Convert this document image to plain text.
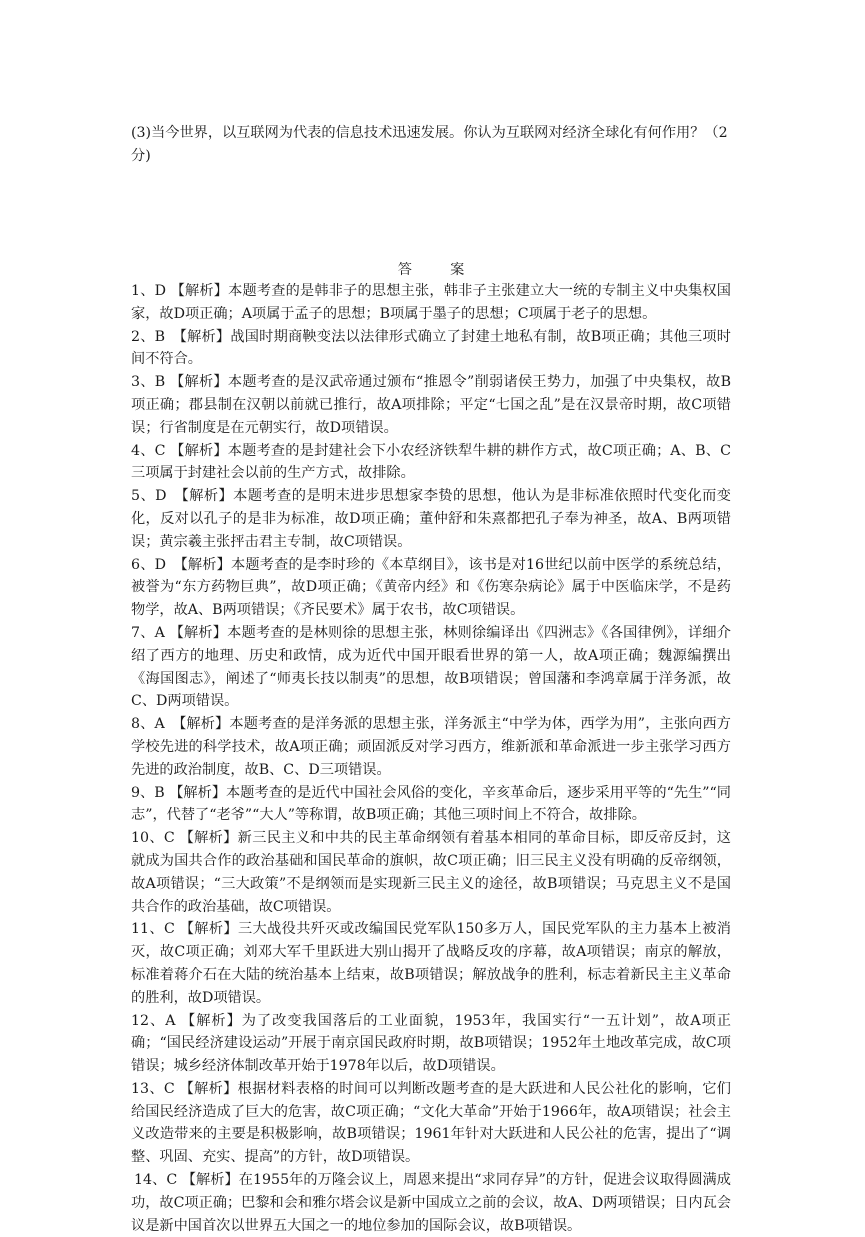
(3)当今世界，以互联网为代表的信息技术迅速发展。你认为互联网对经济全球化有何作用？（2 分)

答　案

1、D 【解析】本题考查的是韩非子的思想主张，韩非子主张建立大一统的专制主义中央集权国家，故D项正确；A项属于孟子的思想；B项属于墨子的思想；C项属于老子的思想。

2、B　【解析】战国时期商鞅变法以法律形式确立了封建土地私有制，故B项正确；其他三项时间不符合。

3、B 【解析】本题考查的是汉武帝通过颁布“推恩令”削弱诸侯王势力，加强了中央集权，故B项正确；郡县制在汉朝以前就已推行，故A项排除；平定“七国之乱”是在汉景帝时期，故C项错误；行省制度是在元朝实行，故D项错误。

4、C 【解析】本题考查的是封建社会下小农经济铁犁牛耕的耕作方式，故C项正确；A、B、C三项属于封建社会以前的生产方式，故排除。

5、D　【解析】本题考查的是明末进步思想家李贽的思想，他认为是非标准依照时代变化而变化，反对以孔子的是非为标准，故D项正确；董仲舒和朱熹都把孔子奉为神圣，故A、B两项错误；黄宗羲主张抨击君主专制，故C项错误。

6、D　【解析】本题考查的是李时珍的《本草纲目》，该书是对16世纪以前中医学的系统总结，被誉为“东方药物巨典”，故D项正确；《黄帝内经》和《伤寒杂病论》属于中医临床学，不是药物学，故A、B两项错误；《齐民要术》属于农书，故C项错误。

7、A 【解析】本题考查的是林则徐的思想主张，林则徐编译出《四洲志》《各国律例》，详细介绍了西方的地理、历史和政情，成为近代中国开眼看世界的第一人，故A项正确；魏源编撰出《海国图志》，阐述了“师夷长技以制夷”的思想，故B项错误；曾国藩和李鸿章属于洋务派，故C、D两项错误。

8、A　【解析】本题考查的是洋务派的思想主张，洋务派主“中学为体，西学为用”，主张向西方学校先进的科学技术，故A项正确；顽固派反对学习西方，维新派和革命派进一步主张学习西方先进的政治制度，故B、C、D三项错误。

9、B 【解析】本题考查的是近代中国社会风俗的变化，辛亥革命后，逐步采用平等的“先生”“同志”，代替了“老爷”“大人”等称谓，故B项正确；其他三项时间上不符合，故排除。

10、C 【解析】新三民主义和中共的民主革命纲领有着基本相同的革命目标，即反帝反封，这就成为国共合作的政治基础和国民革命的旗帜，故C项正确；旧三民主义没有明确的反帝纲领，故A项错误；“三大政策”不是纲领而是实现新三民主义的途径，故B项错误；马克思主义不是国共合作的政治基础，故C项错误。

11、C 【解析】三大战役共歼灭或改编国民党军队150多万人，国民党军队的主力基本上被消灭，故C项正确；刘邓大军千里跃进大别山揭开了战略反攻的序幕，故A项错误；南京的解放，标准着蒋介石在大陆的统治基本上结束，故B项错误；解放战争的胜利，标志着新民主主义革命的胜利，故D项错误。

12、A 【解析】为了改变我国落后的工业面貌，1953年，我国实行“一五计划”，故A项正确；“国民经济建设运动”开展于南京国民政府时期，故B项错误；1952年土地改革完成，故C项错误；城乡经济体制改革开始于1978年以后，故D项错误。

13、C 【解析】根据材料表格的时间可以判断改题考查的是大跃进和人民公社化的影响，它们给国民经济造成了巨大的危害，故C项正确；“文化大革命”开始于1966年，故A项错误；社会主义改造带来的主要是积极影响，故B项错误；1961年针对大跃进和人民公社的危害，提出了“调整、巩固、充实、提高”的方针，故D项错误。

14、C 【解析】在1955年的万隆会议上，周恩来提出“求同存异”的方针，促进会议取得圆满成功，故C项正确；巴黎和会和雅尔塔会议是新中国成立之前的会议，故A、D两项错误；日内瓦会议是新中国首次以世界五大国之一的地位参加的国际会议，故B项错误。
